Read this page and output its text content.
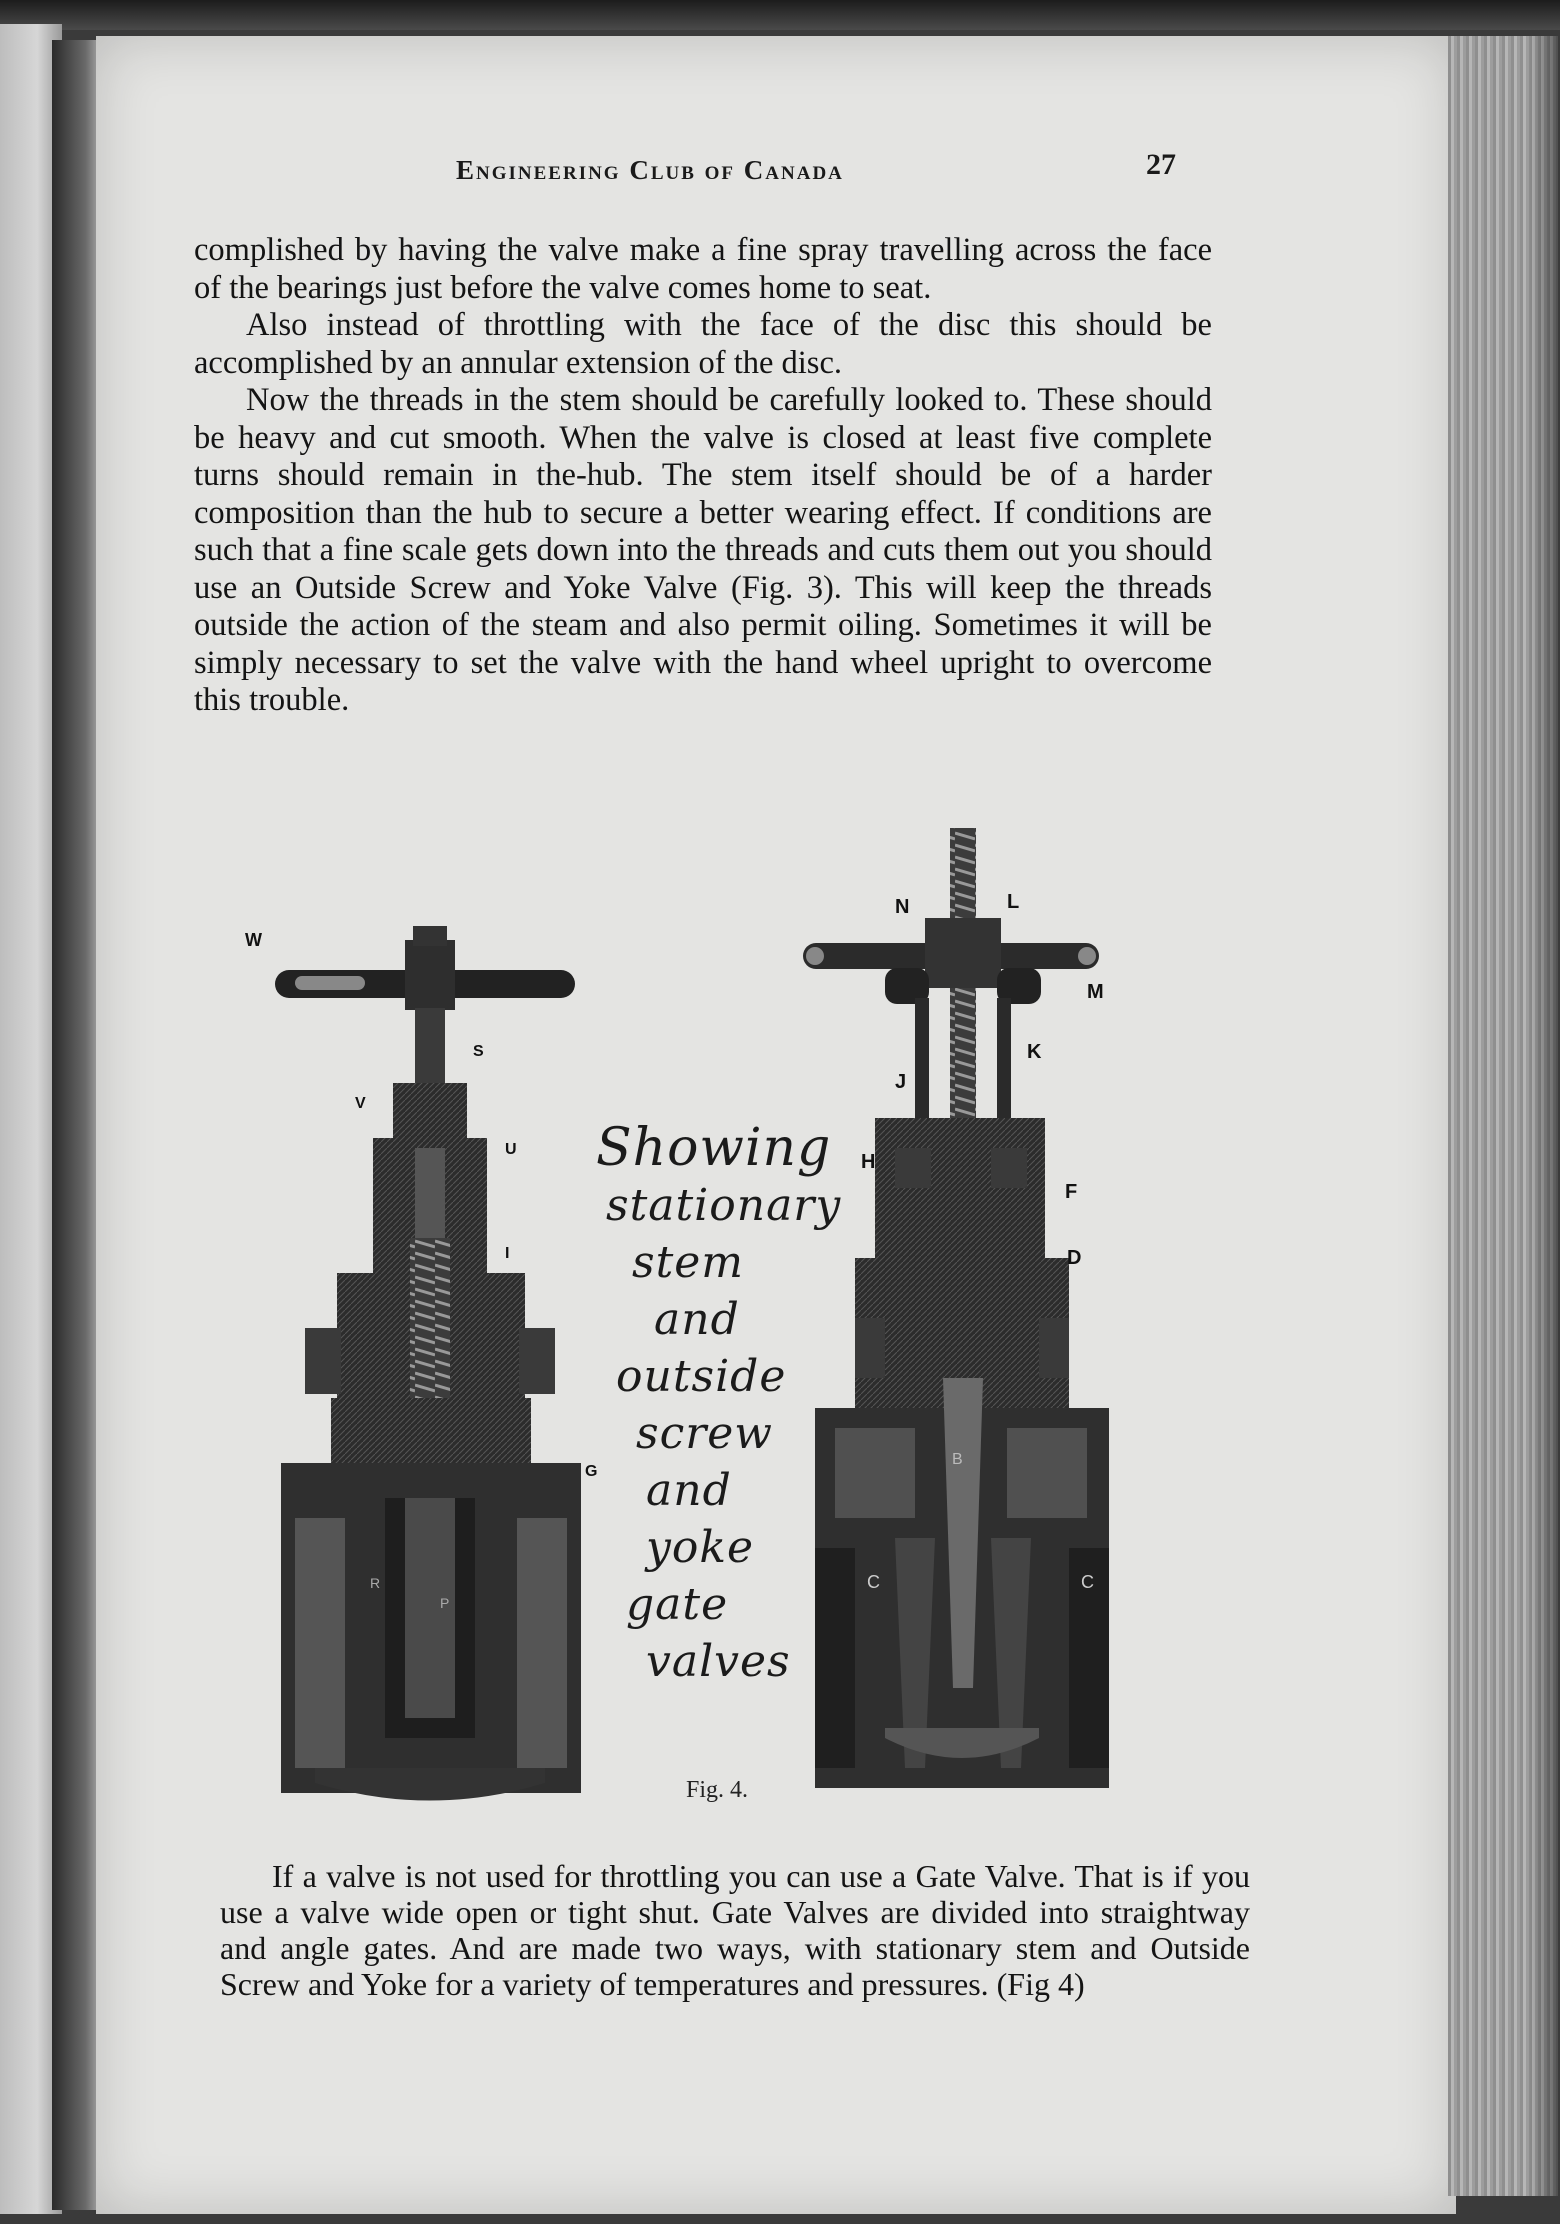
Engineering Club of Canada	27

complished by having the valve make a fine spray travelling across the face of the bearings just before the valve comes home to seat.

Also instead of throttling with the face of the disc this should be accomplished by an annular extension of the disc.

Now the threads in the stem should be carefully looked to. These should be heavy and cut smooth. When the valve is closed at least five complete turns should remain in the-hub. The stem itself should be of a harder composition than the hub to secure a better wearing effect. If conditions are such that a fine scale gets down into the threads and cuts them out you should use an Outside Screw and Yoke Valve (Fig. 3). This will keep the threads outside the action of the steam and also permit oiling. Sometimes it will be simply necessary to set the valve with the hand wheel upright to overcome this trouble.

W
S
V
U
I
G
R
P
N	L
M
K
J
H
F
D
B
C	C
Showing
stationary
stem
and
outside
screw
and
yoke
gate
valves
Fig. 4.

If a valve is not used for throttling you can use a Gate Valve. That is if you use a valve wide open or tight shut. Gate Valves are divided into straightway and angle gates. And are made two ways, with stationary stem and Outside Screw and Yoke for a variety of temperatures and pressures. (Fig 4)
